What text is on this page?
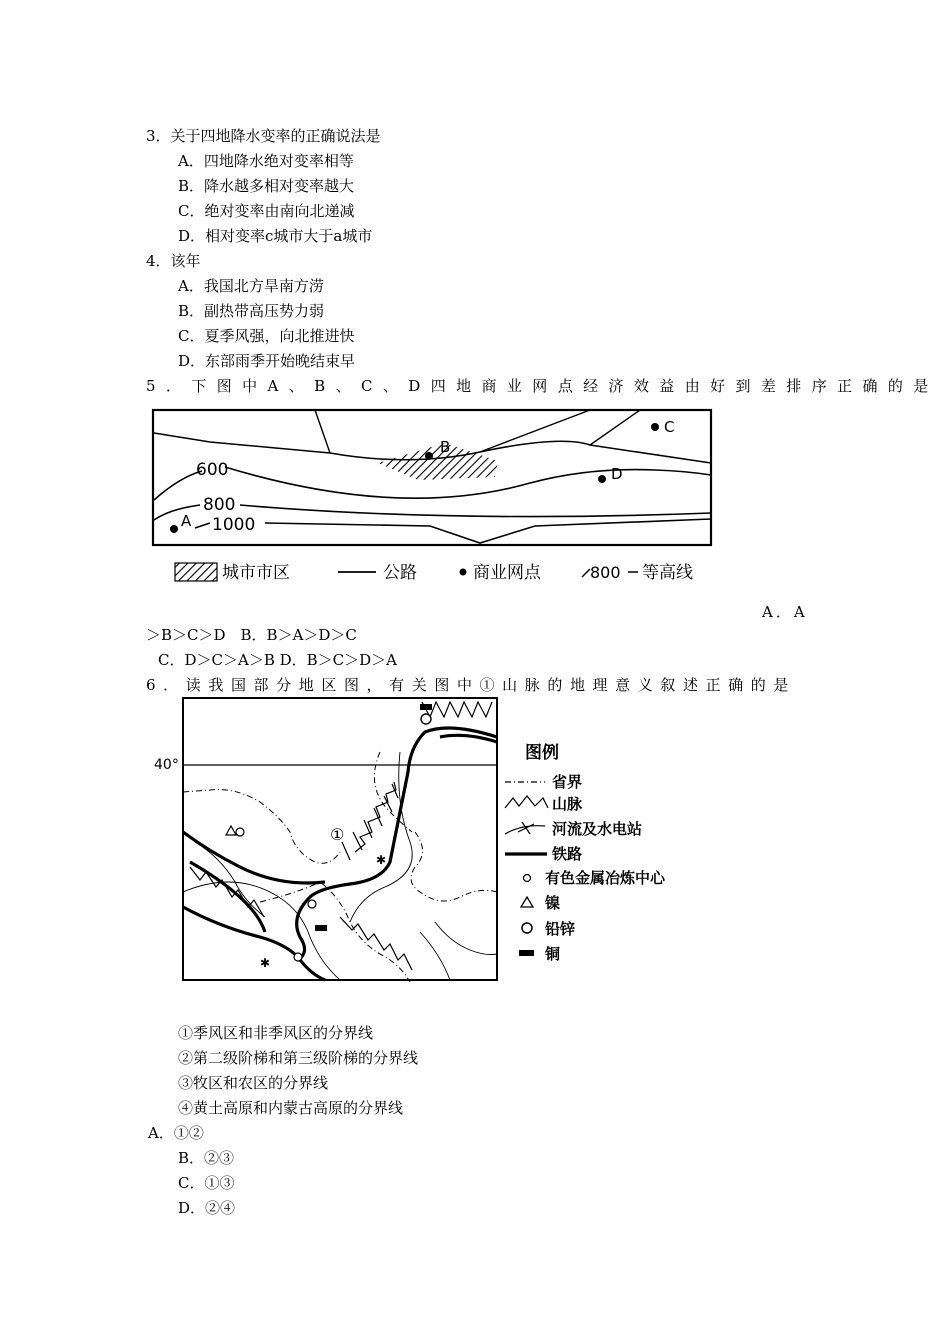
3．关于四地降水变率的正确说法是
A．四地降水绝对变率相等
B．降水越多相对变率越大
C．绝对变率由南向北递减
D．相对变率c城市大于a城市
4．该年
A．我国北方旱南方涝
B．副热带高压势力弱
C．夏季风强，向北推进快
D．东部雨季开始晚结束早
5．下图中A、B、C、D四地商业网点经济效益由好到差排序正确的是
600
800
1000
A
B
C
D
城市市区	公路	商业网点	800 等高线
A．A
＞B＞C＞D　B．B＞A＞D＞C
C．D＞C＞A＞B D．B＞C＞D＞A
6．读我国部分地区图，有关图中①山脉的地理意义叙述正确的是
40°
①
✱
✱
图例
省界
山脉
河流及水电站
铁路
有色金属冶炼中心
镍
铅锌
铜
①季风区和非季风区的分界线
②第二级阶梯和第三级阶梯的分界线
③牧区和农区的分界线
④黄土高原和内蒙古高原的分界线
A．①②
B．②③
C．①③
D．②④
